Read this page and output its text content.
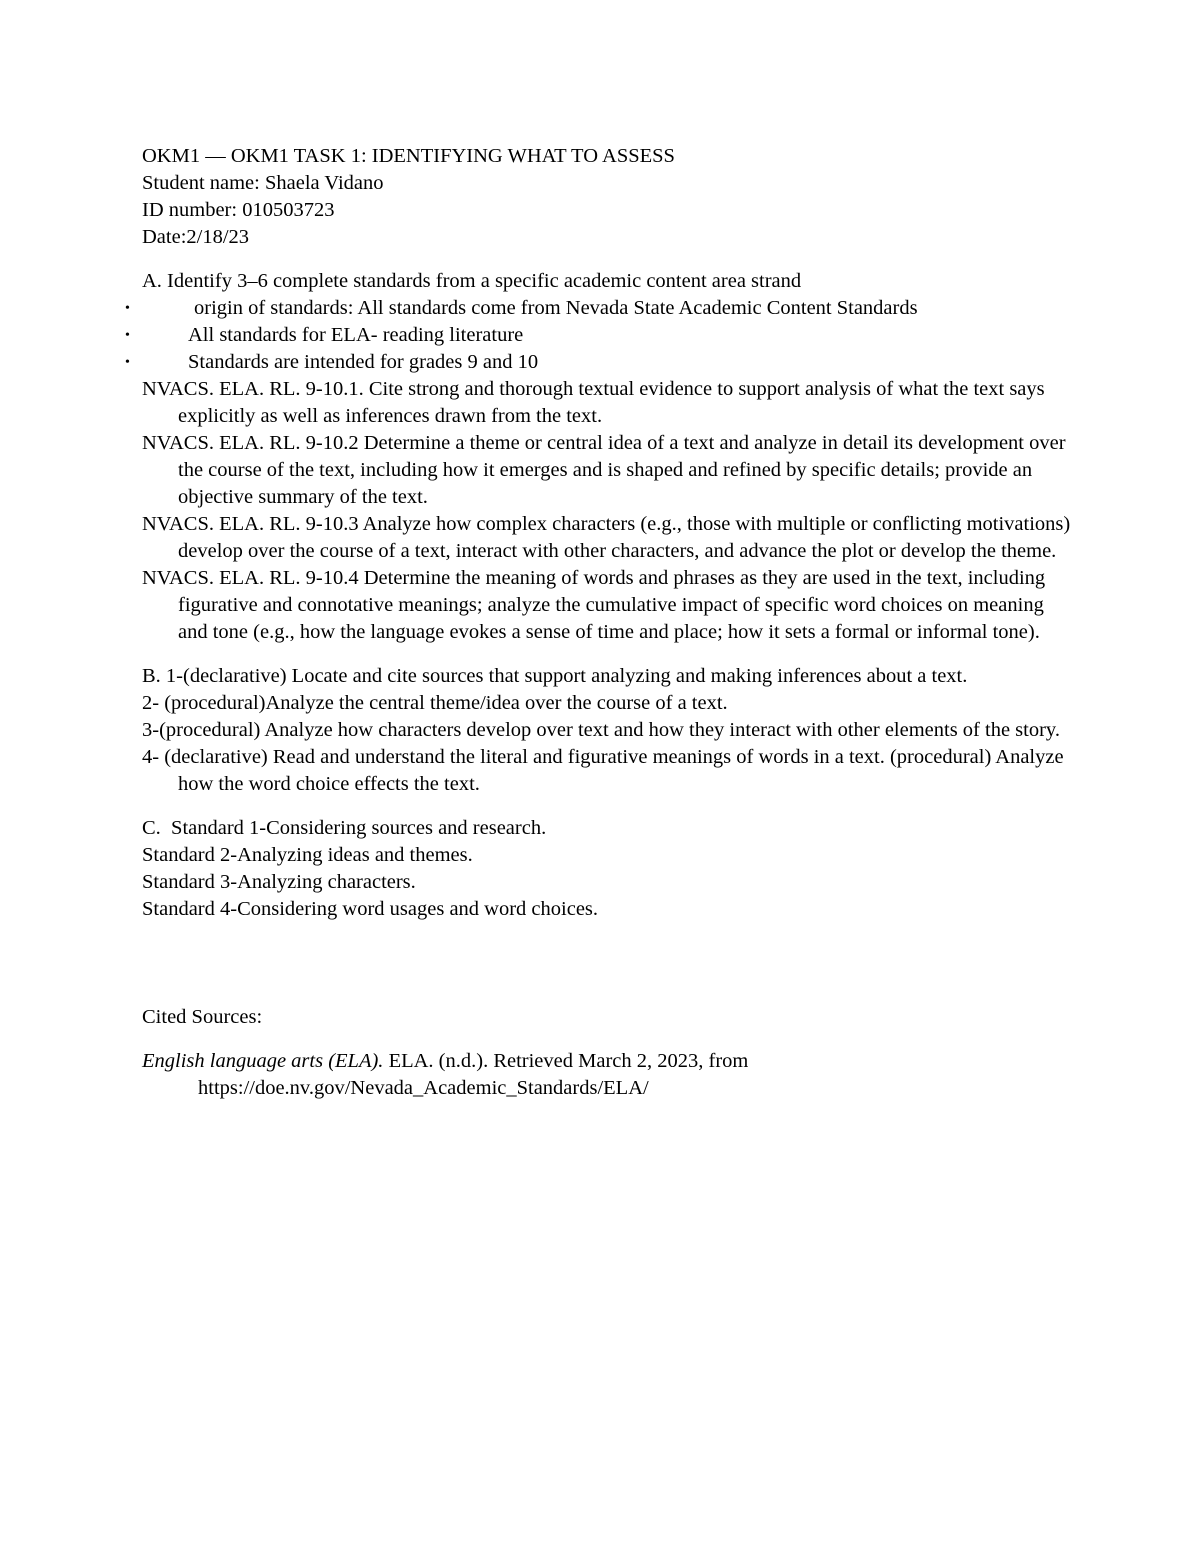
OKM1 — OKM1 TASK 1: IDENTIFYING WHAT TO ASSESS

Student name: Shaela Vidano

ID number: 010503723

Date:2/18/23

A. Identify 3–6 complete standards from a specific academic content area strand

•	origin of standards: All standards come from Nevada State Academic Content Standards
•	All standards for ELA- reading literature
•	Standards are intended for grades 9 and 10

NVACS. ELA. RL. 9-10.1. Cite strong and thorough textual evidence to support analysis of what the text says explicitly as well as inferences drawn from the text.

NVACS. ELA. RL. 9-10.2 Determine a theme or central idea of a text and analyze in detail its development over the course of the text, including how it emerges and is shaped and refined by specific details; provide an objective summary of the text.

NVACS. ELA. RL. 9-10.3 Analyze how complex characters (e.g., those with multiple or conflicting motivations) develop over the course of a text, interact with other characters, and advance the plot or develop the theme.

NVACS. ELA. RL. 9-10.4 Determine the meaning of words and phrases as they are used in the text, including figurative and connotative meanings; analyze the cumulative impact of specific word choices on meaning and tone (e.g., how the language evokes a sense of time and place; how it sets a formal or informal tone).

B. 1-(declarative) Locate and cite sources that support analyzing and making inferences about a text.

2- (procedural)Analyze the central theme/idea over the course of a text.

3-(procedural) Analyze how characters develop over text and how they interact with other elements of the story.

4- (declarative) Read and understand the literal and figurative meanings of words in a text. (procedural) Analyze how the word choice effects the text.

C.  Standard 1-Considering sources and research.

Standard 2-Analyzing ideas and themes.

Standard 3-Analyzing characters.

Standard 4-Considering word usages and word choices.

Cited Sources:

English language arts (ELA). ELA. (n.d.). Retrieved March 2, 2023, from https://doe.nv.gov/Nevada_Academic_Standards/ELA/
